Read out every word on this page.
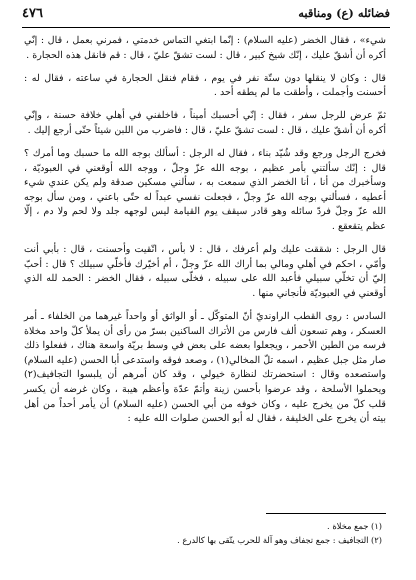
فضائله (ع) ومناقبه
٤٧٦

شيء» ، فقال الخضر (عليه السلام) : إنّما ابتغي التماس خدمتي ، فمرني بعمل ، قال : إنّي أكره أن أشقّ عليك ، إنّك شيخ كبير ، قال : لست تشقّ عليّ ، قال : قم فانقل هذه الحجارة .

قال : وكان لا ينقلها دون ستّة نفر في يوم ، فقام فنقل الحجارة في ساعته ، فقال له : أحسنت وأجملت ، وأطقت ما لم يطقه أحد .

ثمّ عرض للرجل سفر ، فقال : إنّي أحسبك أميناً ، فاخلفني في أهلي خلافة حسنة ، وإنّي أكره أن أشقّ عليك ، قال : لست تشقّ عليّ ، قال : فاضرب من اللبن شيئاً حتّى أرجع إليك .

فخرج الرجل ورجع وقد شُيّد بناء ، فقال له الرجل : أسألك بوجه الله ما حسبك وما أمرك ؟ قال : إنّك سألتني بأمر عظيم ، بوجه الله عزّ وجلّ ، ووجه الله أوقعني في العبوديّة ، وسأخبرك من أنا ، أنا الخضر الذي سمعت به ، سألني مسكين صدقة ولم يكن عندي شيء أعطيه ، فسألني بوجه الله عزّ وجلّ ، فجعلت نفسي عبداً له حتّى باعني ، ومن سأل بوجه الله عزّ وجلّ فردّ سائله وهو قادر سيقف يوم القيامة ليس لوجهه جلد ولا لحم ولا دم ، إلّا عظم يتقعقع .

قال الرجل : شققت عليك ولم أعرفك ، قال : لا بأس ، اتّقيت وأحسنت ، قال : بأبي أنت وأمّي ، احكم في أهلي ومالي بما أراك الله عزّ وجلّ ، أم أخيّرك فأخلّي سبيلك ؟ قال : أحبّ إليّ أن تخلّي سبيلي فأعبد الله على سبيله ، فخلّى سبيله ، فقال الخضر : الحمد لله الذي أوقعني في العبوديّة فأنجاني منها .

السادس : روى القطب الراونديّ أنّ المتوكّل ـ أو الواثق أو واحداً غيرهما من الخلفاء ـ أمر العسكر ، وهم تسعون ألف فارس من الأتراك الساكنين بسرّ من رأى أن يملأ كلّ واحد مخلاة فرسه من الطين الأحمر ، ويجعلوا بعضه على بعض في وسط بريّة واسعة هناك ، ففعلوا ذلك صار مثل جبل عظيم ، اسمه تلّ المخالي(١) ، وصعد فوقه واستدعى أبا الحسن (عليه السلام) واستصعده وقال : استحضرتك لنظارة خيولي ، وقد كان أمرهم أن يلبسوا التجافيف(٢) ويحملوا الأسلحة ، وقد عرضوا بأحسن زينة وأتمّ عدّة وأعظم هيبة ، وكان غرضه أن يكسر قلب كلّ من يخرج عليه ، وكان خوفه من أبي الحسن (عليه السلام) أن يأمر أحداً من أهل بيته أن يخرج على الخليفة ، فقال له أبو الحسن صلوات الله عليه :

(١) جمع مخلاة .
(٢) التجافيف : جمع تجفاف وهو آلة للحرب يتّقى بها كالدرع .
